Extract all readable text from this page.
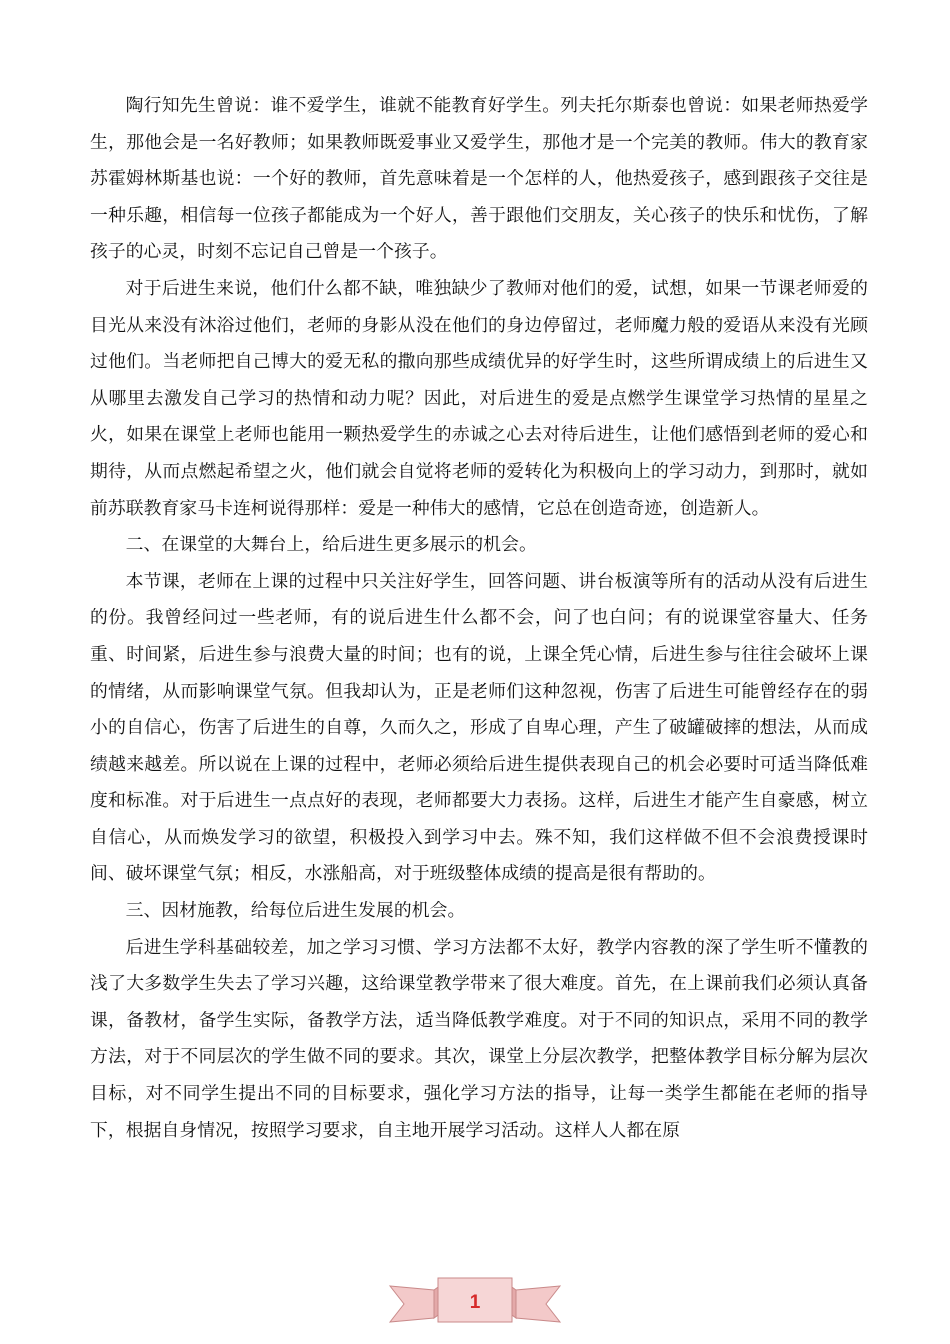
陶行知先生曾说：谁不爱学生，谁就不能教育好学生。列夫托尔斯泰也曾说：如果老师热爱学生，那他会是一名好教师；如果教师既爱事业又爱学生，那他才是一个完美的教师。伟大的教育家苏霍姆林斯基也说：一个好的教师，首先意味着是一个怎样的人，他热爱孩子，感到跟孩子交往是一种乐趣，相信每一位孩子都能成为一个好人，善于跟他们交朋友，关心孩子的快乐和忧伤，了解孩子的心灵，时刻不忘记自己曾是一个孩子。

对于后进生来说，他们什么都不缺，唯独缺少了教师对他们的爱，试想，如果一节课老师爱的目光从来没有沐浴过他们，老师的身影从没在他们的身边停留过，老师魔力般的爱语从来没有光顾过他们。当老师把自己博大的爱无私的撒向那些成绩优异的好学生时，这些所谓成绩上的后进生又从哪里去激发自己学习的热情和动力呢？因此，对后进生的爱是点燃学生课堂学习热情的星星之火，如果在课堂上老师也能用一颗热爱学生的赤诚之心去对待后进生，让他们感悟到老师的爱心和期待，从而点燃起希望之火，他们就会自觉将老师的爱转化为积极向上的学习动力，到那时，就如前苏联教育家马卡连柯说得那样：爱是一种伟大的感情，它总在创造奇迹，创造新人。

二、在课堂的大舞台上，给后进生更多展示的机会。

本节课，老师在上课的过程中只关注好学生，回答问题、讲台板演等所有的活动从没有后进生的份。我曾经问过一些老师，有的说后进生什么都不会，问了也白问；有的说课堂容量大、任务重、时间紧，后进生参与浪费大量的时间；也有的说，上课全凭心情，后进生参与往往会破坏上课的情绪，从而影响课堂气氛。但我却认为，正是老师们这种忽视，伤害了后进生可能曾经存在的弱小的自信心，伤害了后进生的自尊，久而久之，形成了自卑心理，产生了破罐破摔的想法，从而成绩越来越差。所以说在上课的过程中，老师必须给后进生提供表现自己的机会必要时可适当降低难度和标准。对于后进生一点点好的表现，老师都要大力表扬。这样，后进生才能产生自豪感，树立自信心，从而焕发学习的欲望，积极投入到学习中去。殊不知，我们这样做不但不会浪费授课时间、破坏课堂气氛；相反，水涨船高，对于班级整体成绩的提高是很有帮助的。

三、因材施教，给每位后进生发展的机会。

后进生学科基础较差，加之学习习惯、学习方法都不太好，教学内容教的深了学生听不懂教的浅了大多数学生失去了学习兴趣，这给课堂教学带来了很大难度。首先，在上课前我们必须认真备课，备教材，备学生实际，备教学方法，适当降低教学难度。对于不同的知识点，采用不同的教学方法，对于不同层次的学生做不同的要求。其次，课堂上分层次教学，把整体教学目标分解为层次目标，对不同学生提出不同的目标要求，强化学习方法的指导，让每一类学生都能在老师的指导下，根据自身情况，按照学习要求，自主地开展学习活动。这样人人都在原

1
